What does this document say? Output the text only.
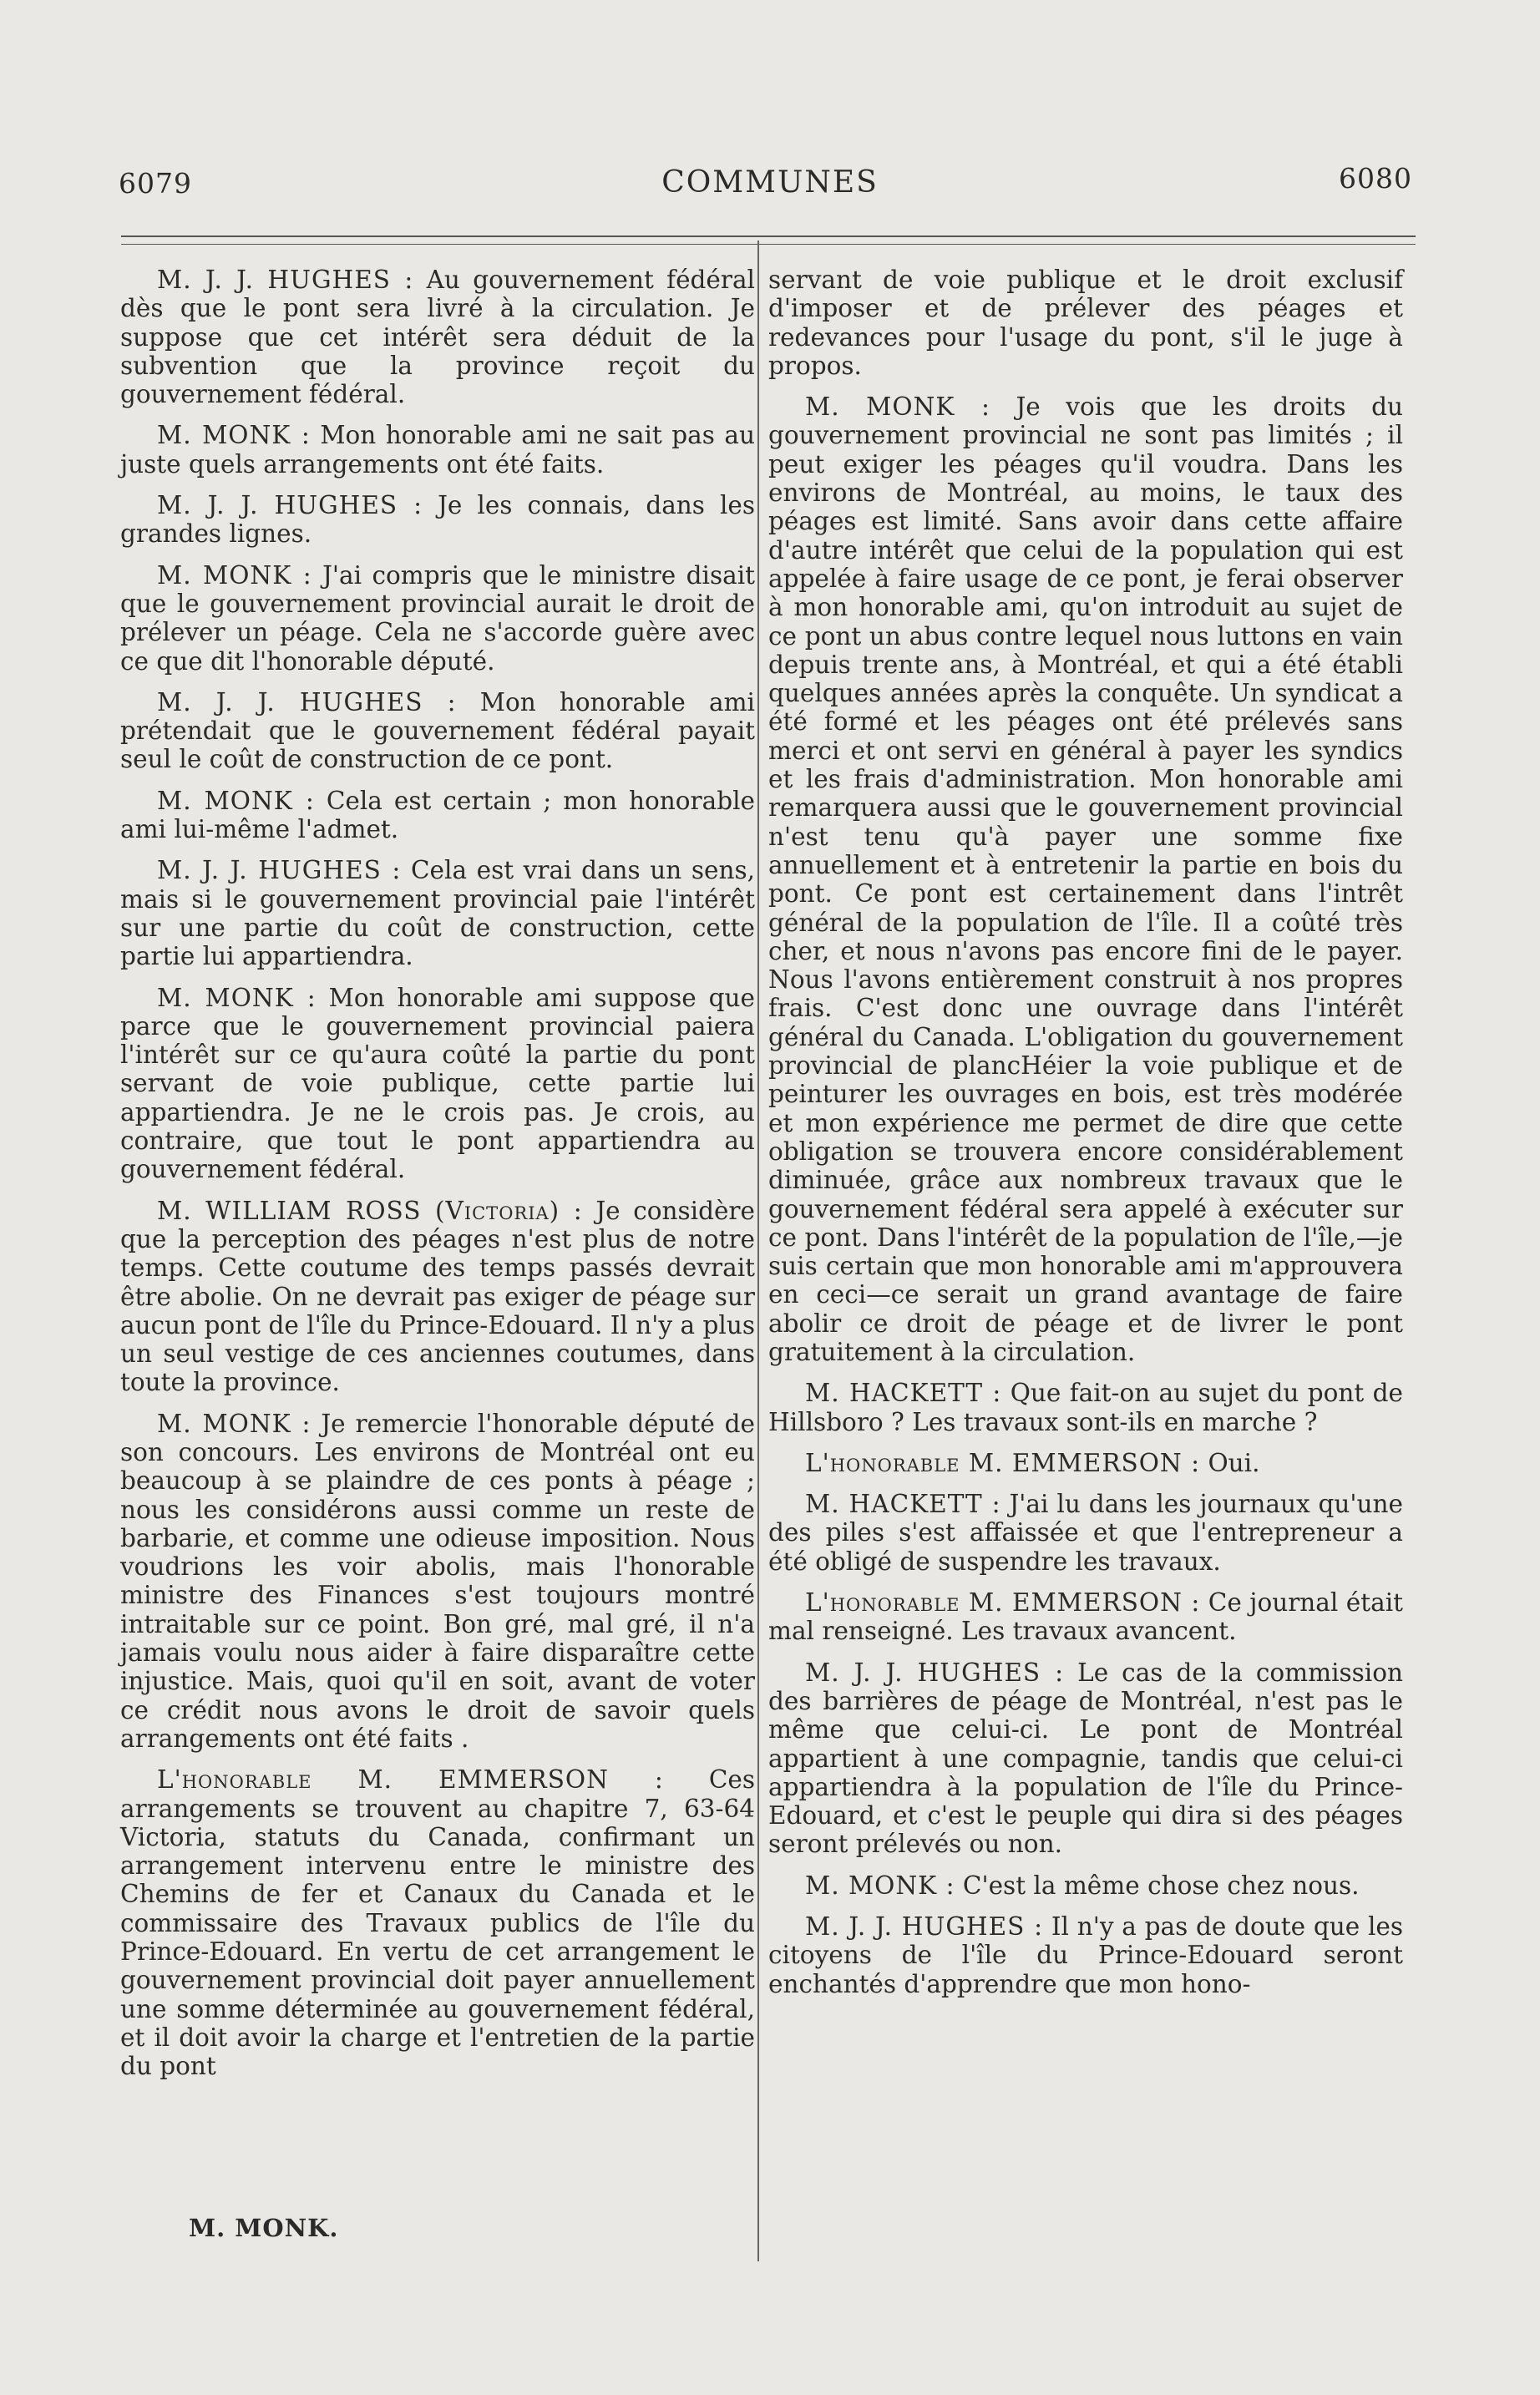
6079	COMMUNES	6080

M. J. J. HUGHES : Au gouvernement fédéral dès que le pont sera livré à la circulation. Je suppose que cet intérêt sera déduit de la subvention que la province reçoit du gouvernement fédéral.

M. MONK : Mon honorable ami ne sait pas au juste quels arrangements ont été faits.

M. J. J. HUGHES : Je les connais, dans les grandes lignes.

M. MONK : J'ai compris que le ministre disait que le gouvernement provincial aurait le droit de prélever un péage. Cela ne s'accorde guère avec ce que dit l'honorable député.

M. J. J. HUGHES : Mon honorable ami prétendait que le gouvernement fédéral payait seul le coût de construction de ce pont.

M. MONK : Cela est certain ; mon honorable ami lui-même l'admet.

M. J. J. HUGHES : Cela est vrai dans un sens, mais si le gouvernement provincial paie l'intérêt sur une partie du coût de construction, cette partie lui appartiendra.

M. MONK : Mon honorable ami suppose que parce que le gouvernement provincial paiera l'intérêt sur ce qu'aura coûté la partie du pont servant de voie publique, cette partie lui appartiendra. Je ne le crois pas. Je crois, au contraire, que tout le pont appartiendra au gouvernement fédéral.

M. WILLIAM ROSS (Victoria) : Je considère que la perception des péages n'est plus de notre temps. Cette coutume des temps passés devrait être abolie. On ne devrait pas exiger de péage sur aucun pont de l'île du Prince-Edouard. Il n'y a plus un seul vestige de ces anciennes coutumes, dans toute la province.

M. MONK : Je remercie l'honorable député de son concours. Les environs de Montréal ont eu beaucoup à se plaindre de ces ponts à péage ; nous les considérons aussi comme un reste de barbarie, et comme une odieuse imposition. Nous voudrions les voir abolis, mais l'honorable ministre des Finances s'est toujours montré intraitable sur ce point. Bon gré, mal gré, il n'a jamais voulu nous aider à faire disparaître cette injustice. Mais, quoi qu'il en soit, avant de voter ce crédit nous avons le droit de savoir quels arrangements ont été faits .

L'honorable M. EMMERSON : Ces arrangements se trouvent au chapitre 7, 63-64 Victoria, statuts du Canada, confirmant un arrangement intervenu entre le ministre des Chemins de fer et Canaux du Canada et le commissaire des Travaux publics de l'île du Prince-Edouard. En vertu de cet arrangement le gouvernement provincial doit payer annuellement une somme déterminée au gouvernement fédéral, et il doit avoir la charge et l'entretien de la partie du pont

M. MONK.

servant de voie publique et le droit exclusif d'imposer et de prélever des péages et redevances pour l'usage du pont, s'il le juge à propos.

M. MONK : Je vois que les droits du gouvernement provincial ne sont pas limités ; il peut exiger les péages qu'il voudra. Dans les environs de Montréal, au moins, le taux des péages est limité. Sans avoir dans cette affaire d'autre intérêt que celui de la population qui est appelée à faire usage de ce pont, je ferai observer à mon honorable ami, qu'on introduit au sujet de ce pont un abus contre lequel nous luttons en vain depuis trente ans, à Montréal, et qui a été établi quelques années après la conquête. Un syndicat a été formé et les péages ont été prélevés sans merci et ont servi en général à payer les syndics et les frais d'administration. Mon honorable ami remarquera aussi que le gouvernement provincial n'est tenu qu'à payer une somme fixe annuellement et à entretenir la partie en bois du pont. Ce pont est certainement dans l'intrêt général de la population de l'île. Il a coûté très cher, et nous n'avons pas encore fini de le payer. Nous l'avons entièrement construit à nos propres frais. C'est donc une ouvrage dans l'intérêt général du Canada. L'obligation du gouvernement provincial de plancHéier la voie publique et de peinturer les ouvrages en bois, est très modérée et mon expérience me permet de dire que cette obligation se trouvera encore considérablement diminuée, grâce aux nombreux travaux que le gouvernement fédéral sera appelé à exécuter sur ce pont. Dans l'intérêt de la population de l'île,—je suis certain que mon honorable ami m'approuvera en ceci—ce serait un grand avantage de faire abolir ce droit de péage et de livrer le pont gratuitement à la circulation.

M. HACKETT : Que fait-on au sujet du pont de Hillsboro ? Les travaux sont-ils en marche ?

L'honorable M. EMMERSON : Oui.

M. HACKETT : J'ai lu dans les journaux qu'une des piles s'est affaissée et que l'entrepreneur a été obligé de suspendre les travaux.

L'honorable M. EMMERSON : Ce journal était mal renseigné. Les travaux avancent.

M. J. J. HUGHES : Le cas de la commission des barrières de péage de Montréal, n'est pas le même que celui-ci. Le pont de Montréal appartient à une compagnie, tandis que celui-ci appartiendra à la population de l'île du Prince-Edouard, et c'est le peuple qui dira si des péages seront prélevés ou non.

M. MONK : C'est la même chose chez nous.

M. J. J. HUGHES : Il n'y a pas de doute que les citoyens de l'île du Prince-Edouard seront enchantés d'apprendre que mon hono-
